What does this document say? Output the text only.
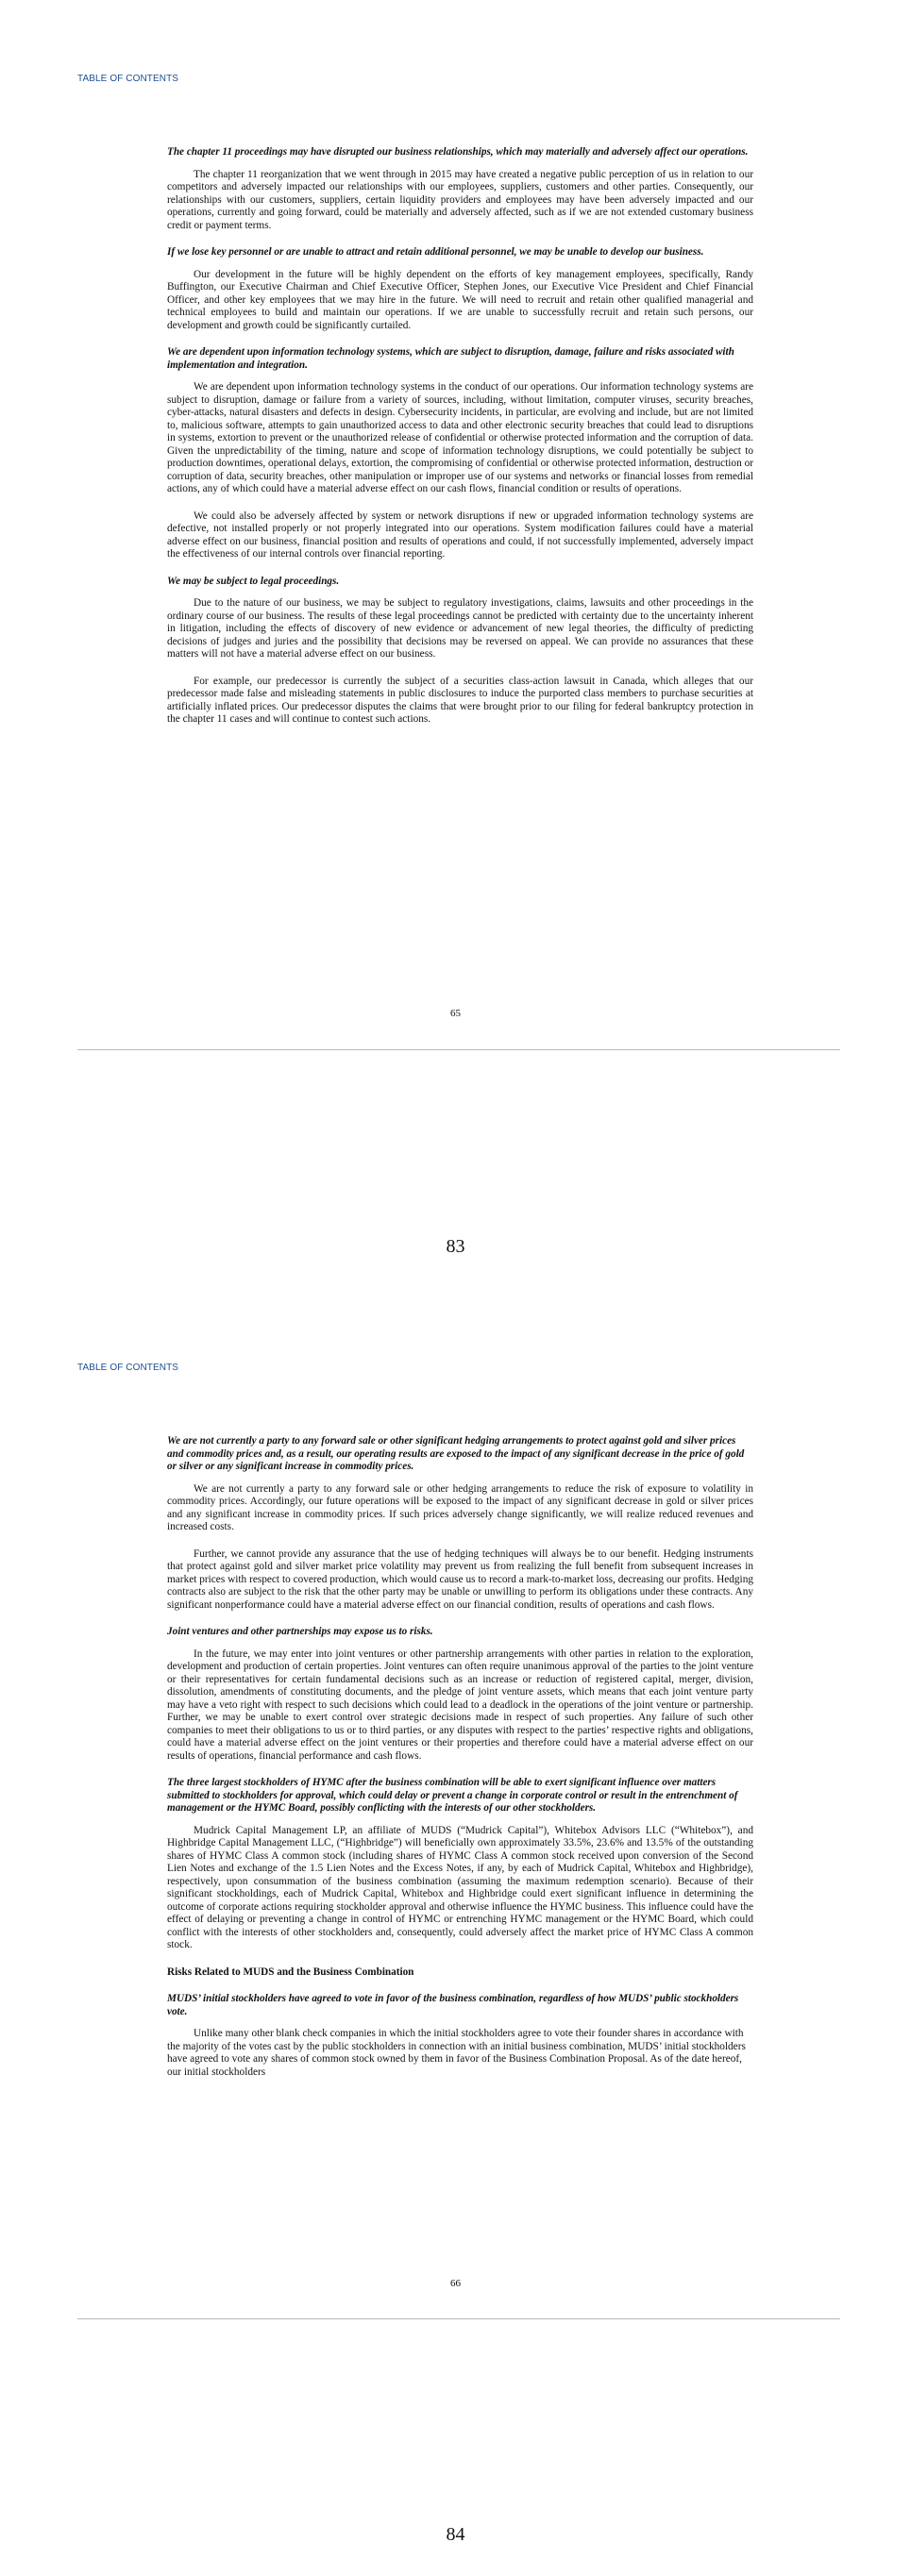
TABLE OF CONTENTS

The chapter 11 proceedings may have disrupted our business relationships, which may materially and adversely affect our operations.

The chapter 11 reorganization that we went through in 2015 may have created a negative public perception of us in relation to our competitors and adversely impacted our relationships with our employees, suppliers, customers and other parties. Consequently, our relationships with our customers, suppliers, certain liquidity providers and employees may have been adversely impacted and our operations, currently and going forward, could be materially and adversely affected, such as if we are not extended customary business credit or payment terms.

If we lose key personnel or are unable to attract and retain additional personnel, we may be unable to develop our business.

Our development in the future will be highly dependent on the efforts of key management employees, specifically, Randy Buffington, our Executive Chairman and Chief Executive Officer, Stephen Jones, our Executive Vice President and Chief Financial Officer, and other key employees that we may hire in the future. We will need to recruit and retain other qualified managerial and technical employees to build and maintain our operations. If we are unable to successfully recruit and retain such persons, our development and growth could be significantly curtailed.

We are dependent upon information technology systems, which are subject to disruption, damage, failure and risks associated with implementation and integration.

We are dependent upon information technology systems in the conduct of our operations. Our information technology systems are subject to disruption, damage or failure from a variety of sources, including, without limitation, computer viruses, security breaches, cyber-attacks, natural disasters and defects in design. Cybersecurity incidents, in particular, are evolving and include, but are not limited to, malicious software, attempts to gain unauthorized access to data and other electronic security breaches that could lead to disruptions in systems, extortion to prevent or the unauthorized release of confidential or otherwise protected information and the corruption of data. Given the unpredictability of the timing, nature and scope of information technology disruptions, we could potentially be subject to production downtimes, operational delays, extortion, the compromising of confidential or otherwise protected information, destruction or corruption of data, security breaches, other manipulation or improper use of our systems and networks or financial losses from remedial actions, any of which could have a material adverse effect on our cash flows, financial condition or results of operations.

We could also be adversely affected by system or network disruptions if new or upgraded information technology systems are defective, not installed properly or not properly integrated into our operations. System modification failures could have a material adverse effect on our business, financial position and results of operations and could, if not successfully implemented, adversely impact the effectiveness of our internal controls over financial reporting.

We may be subject to legal proceedings.

Due to the nature of our business, we may be subject to regulatory investigations, claims, lawsuits and other proceedings in the ordinary course of our business. The results of these legal proceedings cannot be predicted with certainty due to the uncertainty inherent in litigation, including the effects of discovery of new evidence or advancement of new legal theories, the difficulty of predicting decisions of judges and juries and the possibility that decisions may be reversed on appeal. We can provide no assurances that these matters will not have a material adverse effect on our business.

For example, our predecessor is currently the subject of a securities class-action lawsuit in Canada, which alleges that our predecessor made false and misleading statements in public disclosures to induce the purported class members to purchase securities at artificially inflated prices. Our predecessor disputes the claims that were brought prior to our filing for federal bankruptcy protection in the chapter 11 cases and will continue to contest such actions.

65
83
TABLE OF CONTENTS

We are not currently a party to any forward sale or other significant hedging arrangements to protect against gold and silver prices and commodity prices and, as a result, our operating results are exposed to the impact of any significant decrease in the price of gold or silver or any significant increase in commodity prices.

We are not currently a party to any forward sale or other hedging arrangements to reduce the risk of exposure to volatility in commodity prices. Accordingly, our future operations will be exposed to the impact of any significant decrease in gold or silver prices and any significant increase in commodity prices. If such prices adversely change significantly, we will realize reduced revenues and increased costs.

Further, we cannot provide any assurance that the use of hedging techniques will always be to our benefit. Hedging instruments that protect against gold and silver market price volatility may prevent us from realizing the full benefit from subsequent increases in market prices with respect to covered production, which would cause us to record a mark-to-market loss, decreasing our profits. Hedging contracts also are subject to the risk that the other party may be unable or unwilling to perform its obligations under these contracts. Any significant nonperformance could have a material adverse effect on our financial condition, results of operations and cash flows.

Joint ventures and other partnerships may expose us to risks.

In the future, we may enter into joint ventures or other partnership arrangements with other parties in relation to the exploration, development and production of certain properties. Joint ventures can often require unanimous approval of the parties to the joint venture or their representatives for certain fundamental decisions such as an increase or reduction of registered capital, merger, division, dissolution, amendments of constituting documents, and the pledge of joint venture assets, which means that each joint venture party may have a veto right with respect to such decisions which could lead to a deadlock in the operations of the joint venture or partnership. Further, we may be unable to exert control over strategic decisions made in respect of such properties. Any failure of such other companies to meet their obligations to us or to third parties, or any disputes with respect to the parties’ respective rights and obligations, could have a material adverse effect on the joint ventures or their properties and therefore could have a material adverse effect on our results of operations, financial performance and cash flows.

The three largest stockholders of HYMC after the business combination will be able to exert significant influence over matters submitted to stockholders for approval, which could delay or prevent a change in corporate control or result in the entrenchment of management or the HYMC Board, possibly conflicting with the interests of our other stockholders.

Mudrick Capital Management LP, an affiliate of MUDS (“Mudrick Capital”), Whitebox Advisors LLC (“Whitebox”), and Highbridge Capital Management LLC, (“Highbridge”) will beneficially own approximately 33.5%, 23.6% and 13.5% of the outstanding shares of HYMC Class A common stock (including shares of HYMC Class A common stock received upon conversion of the Second Lien Notes and exchange of the 1.5 Lien Notes and the Excess Notes, if any, by each of Mudrick Capital, Whitebox and Highbridge), respectively, upon consummation of the business combination (assuming the maximum redemption scenario). Because of their significant stockholdings, each of Mudrick Capital, Whitebox and Highbridge could exert significant influence in determining the outcome of corporate actions requiring stockholder approval and otherwise influence the HYMC business. This influence could have the effect of delaying or preventing a change in control of HYMC or entrenching HYMC management or the HYMC Board, which could conflict with the interests of other stockholders and, consequently, could adversely affect the market price of HYMC Class A common stock.

Risks Related to MUDS and the Business Combination

MUDS’ initial stockholders have agreed to vote in favor of the business combination, regardless of how MUDS’ public stockholders vote.

Unlike many other blank check companies in which the initial stockholders agree to vote their founder shares in accordance with the majority of the votes cast by the public stockholders in connection with an initial business combination, MUDS’ initial stockholders have agreed to vote any shares of common stock owned by them in favor of the Business Combination Proposal. As of the date hereof, our initial stockholders

66
84
